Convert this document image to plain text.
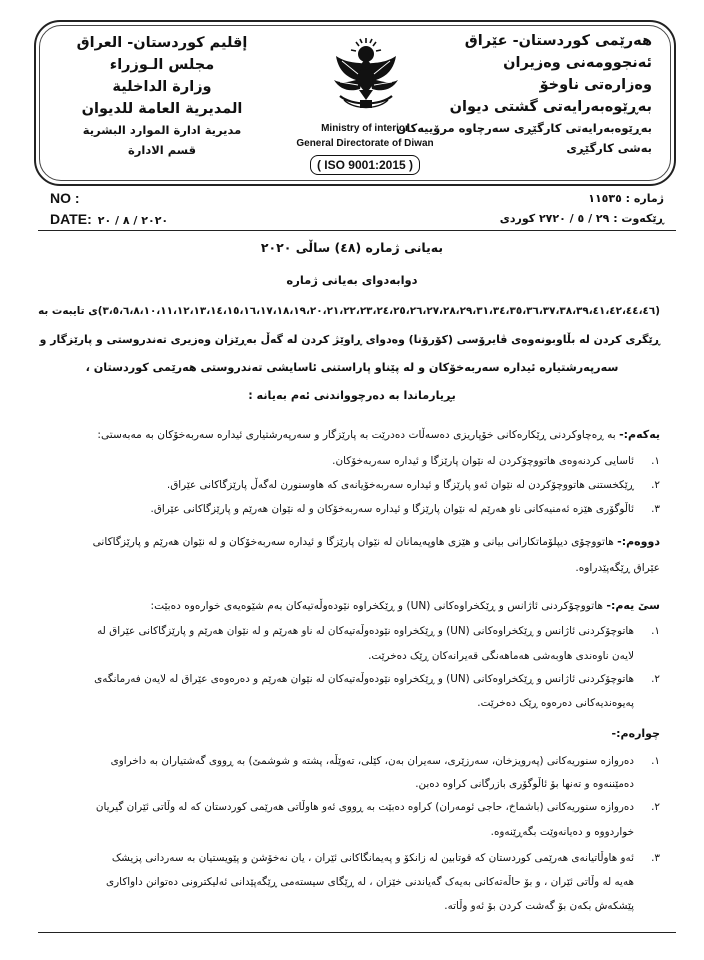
هەرێمی کوردستان- عێراق
ئەنجوومەنی وەزیران
وەزارەتی ناوخۆ
بەڕێوەبەرایەتی گشتی دیوان
بەڕێوەبەرایەتی کارگێڕی سەرچاوە مرۆییەکان
بەشی کارگێڕی
إقليم كوردستان- العراق
مجلس الـوزراء
وزارة الداخلية
المديرية العامة للديوان
مديرية ادارة الموارد البشرية
قسم الادارة
Ministry of interior
General Directorate of Diwan
( ISO 9001:2015 )
NO :
DATE: ٢٠٢٠ / ٨ / ٢٠
ژمارە : ١١٥٣٥
ڕێکەوت : ٢٩ / ٥ / ٢٧٢٠ کوردی
بەیانی ژمارە (٤٨) ساڵی ٢٠٢٠
دوابەدوای بەیانی ژمارە
(٣،٥،٦،٨،١٠،١١،١٢،١٣،١٤،١٥،١٦،١٧،١٨،١٩،٢٠،٢١،٢٢،٢٣،٢٤،٢٥،٢٦،٢٧،٢٨،٢٩،٣١،٣٤،٣٥،٣٦،٣٧،٣٨،٣٩،٤١،٤٢،٤٤،٤٦)ی تایبەت بە
ڕێگری کردن لە بڵاوبونەوەی ڤایرۆسی (کۆرۆنا) وەدوای ڕاوێژ کردن لە گەڵ بەڕێزان وەزیری تەندروستی و پارێزگار و
سەرپەرشتیارە ئیدارە سەربەخۆکان و لە پێناو پاراستنی ئاسایشی تەندروستی هەرێمی کوردستان ،
بڕیارماندا بە دەرچوواندنی ئەم بەیانە :
یەکەم:- بە ڕەچاوکردنی ڕێکارەکانی خۆپاریزی دەسەڵات دەدرێت بە پارێزگار و سەرپەرشتیاری ئیدارە سەربەخۆکان بە مەبەستی:
١.ئاسایی کردنەوەی هاتووچۆکردن لە نێوان پارێزگا و ئیدارە سەربەخۆکان.
٢.ڕێکخستنی هاتووچۆکردن لە نێوان ئەو پارێزگا و ئیدارە سەربەخۆیانەی کە هاوسنورن لەگەڵ پارێزگاکانی عێراق.
٣.ئاڵوگۆری هێزە ئەمنیەکانی ناو هەرێم لە نێوان پارێزگا و ئیدارە سەربەخۆکان و لە نێوان هەرێم و پارێزگاکانی عێراق.
دووەم:- هاتووچۆی دیپلۆماتکارانی بیانی و هێزی هاوپەیمانان لە نێوان پارێزگا و ئیدارە سەربەخۆکان و لە نێوان هەرێم و پارێزگاکانی
عێراق ڕێگەپێدراوە.
سێ یەم:- هاتووچۆکردنی ئاژانس و ڕێکخراوەکانی (UN) و ڕێکخراوە نێودەوڵەتیەکان بەم شێوەیەی خوارەوە دەبێت:
١.هاتوچۆکردنی ئاژانس و ڕێکخراوەکانی (UN) و ڕێکخراوە نێودەوڵەتیەکان لە ناو هەرێم و لە نێوان هەرێم و پارێزگاکانی عێراق لە
لایەن ناوەندی هاوبەشی هەماهەنگی قەیرانەکان ڕێک دەخرێت.
٢.هاتوچۆکردنی ئاژانس و ڕێکخراوەکانی (UN) و ڕێکخراوە نێودەوڵەتیەکان لە نێوان هەرێم و دەرەوەی عێراق لە لایەن فەرمانگەی
پەیوەندیەکانی دەرەوە ڕێک دەخرێت.
چوارەم:-
١.دەروازە سنوریەکانی (پەرویزخان، سەرزێری، سەیران بەن، کێلی، تەوێڵە، پشتە و شوشمێ) بە ڕووی گەشتیاران بە داخراوی
دەمێننەوە و تەنها بۆ ئاڵوگۆری بازرگانی کراوە دەبن.
٢.دەروازە سنوریەکانی (باشماخ، حاجی ئومەران) کراوە دەبێت بە ڕووی ئەو هاوڵاتی هەرێمی کوردستان کە لە وڵاتی ئێران گیریان
خواردووە و دەیانەوێت بگەڕێنەوە.
٣.ئەو هاوڵاتیانەی هەرێمی کوردستان کە قوتابین لە زانکۆ و پەیمانگاکانی ئێران ، یان نەخۆشن و پێویستیان بە سەردانی پزیشک
هەیە لە وڵاتی ئێران ، و بۆ حاڵەتەکانی بەیەک گەیاندنی خێزان ، لە ڕێگای سیستەمی ڕێگەپێدانی ئەلیکترونی دەتوانن داواکاری
پێشکەش بکەن بۆ گەشت کردن بۆ ئەو وڵاتە.
